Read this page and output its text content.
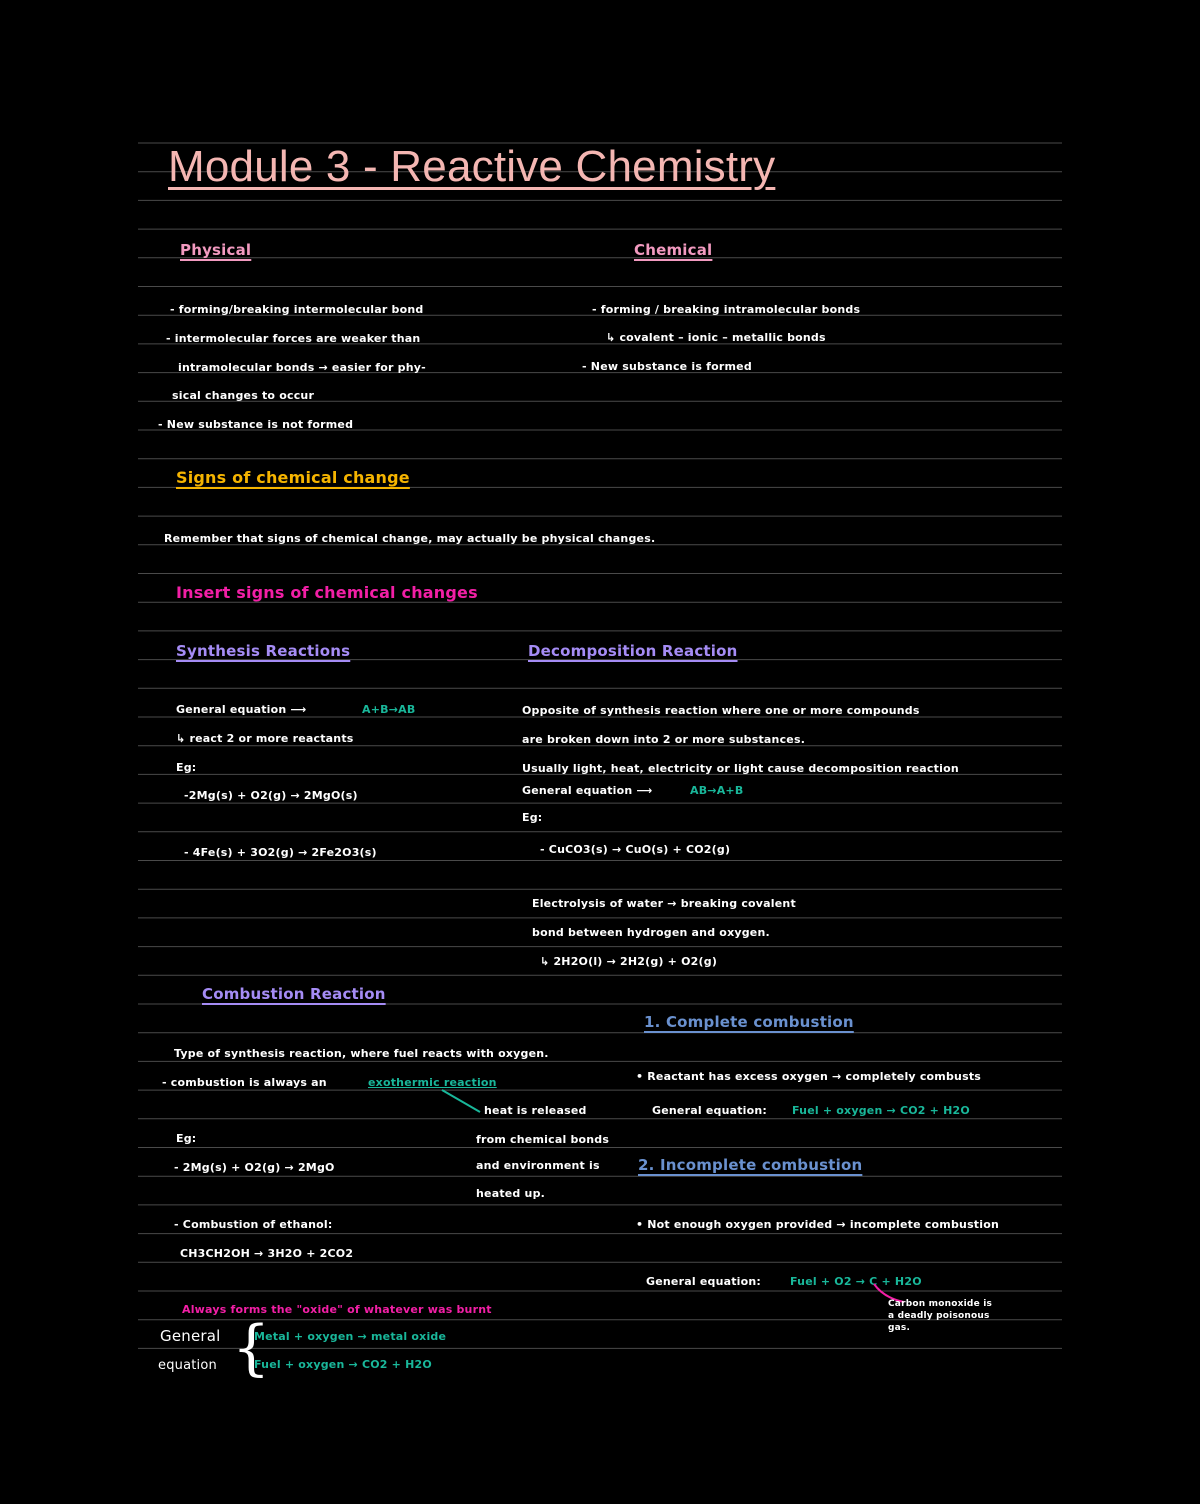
Module 3 - Reactive Chemistry
Physical	Chemical
- forming/breaking intermolecular bond
- intermolecular forces are weaker than
intramolecular bonds → easier for phy-
sical changes to occur
- New substance is not formed
- forming / breaking intramolecular bonds
↳ covalent – ionic – metallic bonds
- New substance is formed
Signs of chemical change
Remember that signs of chemical change, may actually be physical changes.
Insert signs of chemical changes
Synthesis Reactions
General equation ⟶	A+B→AB
↳ react 2 or more reactants
Eg:
-2Mg(s) + O2(g) → 2MgO(s)
- 4Fe(s) + 3O2(g) → 2Fe2O3(s)
Decomposition Reaction
Opposite of synthesis reaction where one or more compounds
are broken down into 2 or more substances.
Usually light, heat, electricity or light cause decomposition reaction
General equation ⟶	AB→A+B
Eg:
- CuCO3(s) → CuO(s) + CO2(g)
Electrolysis of water → breaking covalent
bond between hydrogen and oxygen.
↳ 2H2O(l) → 2H2(g) + O2(g)
Combustion Reaction
Type of synthesis reaction, where fuel reacts with oxygen.
- combustion is always an	exothermic reaction
heat is released
from chemical bonds
and environment is
heated up.
Eg:
- 2Mg(s) + O2(g) → 2MgO
- Combustion of ethanol:
CH3CH2OH → 3H2O + 2CO2
Always forms the "oxide" of whatever was burnt
General
equation {
Metal + oxygen → metal oxide
Fuel + oxygen → CO2 + H2O
1. Complete combustion
• Reactant has excess oxygen → completely combusts
General equation: Fuel + oxygen → CO2 + H2O
2. Incomplete combustion
• Not enough oxygen provided → incomplete combustion
General equation:	Fuel + O2 → C + H2O
Carbon monoxide is
a deadly poisonous
gas.
